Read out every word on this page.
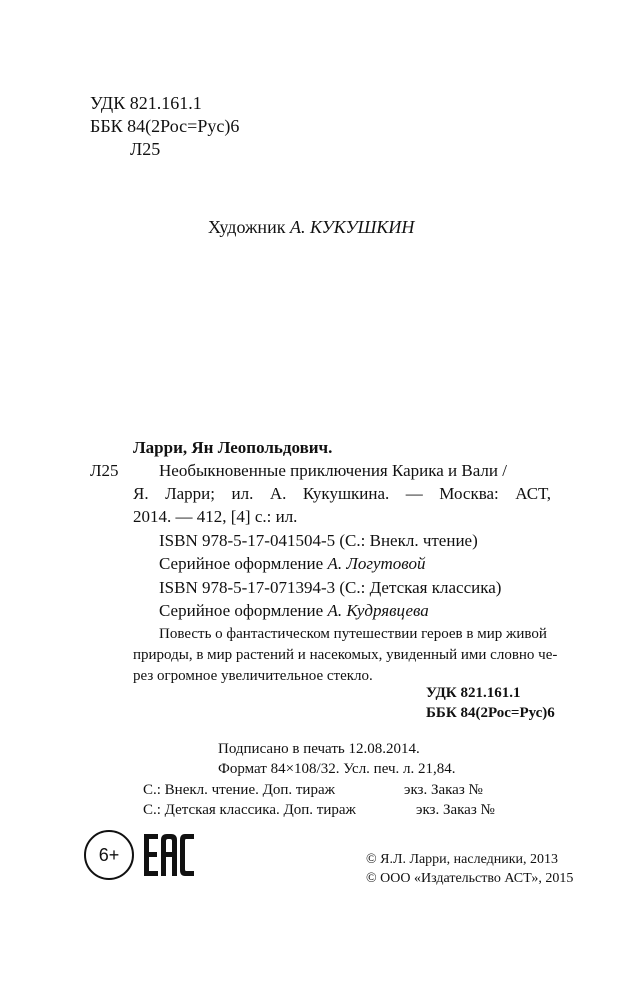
УДК 821.161.1
ББК 84(2Рос=Рус)6
Л25
Художник А. КУКУШКИН
Ларри, Ян Леопольдович.
Л25 Необыкновенные приключения Карика и Вали /
Я. Ларри; ил. А. Кукушкина. — Москва: АСТ,
2014. — 412, [4] с.: ил.
ISBN 978-5-17-041504-5 (С.: Внекл. чтение)
Серийное оформление А. Логутовой
ISBN 978-5-17-071394-3 (С.: Детская классика)
Серийное оформление А. Кудрявцева
Повесть о фантастическом путешествии героев в мир живой
природы, в мир растений и насекомых, увиденный ими словно че-
рез огромное увеличительное стекло.
УДК 821.161.1
ББК 84(2Рос=Рус)6
Подписано в печать 12.08.2014.
Формат 84×108/32. Усл. печ. л. 21,84.
С.: Внекл. чтение. Доп. тираж	экз. Заказ №
С.: Детская классика. Доп. тираж	экз. Заказ №
6+
EAC
© Я.Л. Ларри, наследники, 2013
© ООО «Издательство АСТ», 2015
